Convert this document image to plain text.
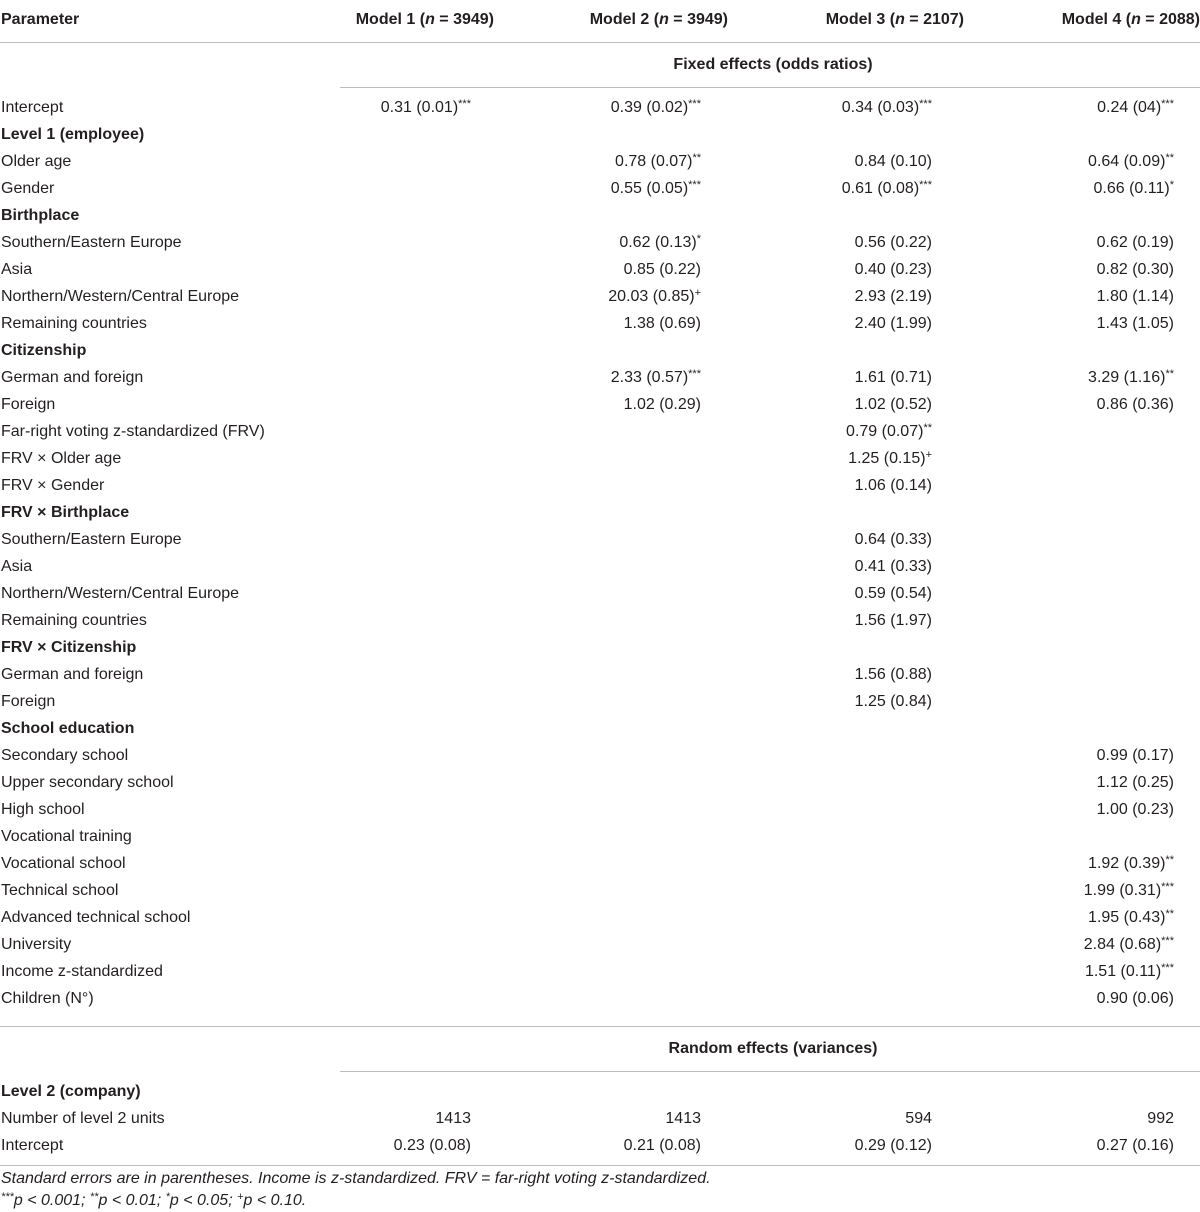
Parameter	Model 1 (n = 3949)	Model 2 (n = 3949)	Model 3 (n = 2107)	Model 4 (n = 2088)
	Fixed effects (odds ratios)			

Intercept	0.31 (0.01)***	0.39 (0.02)***	0.34 (0.03)***	0.24 (04)***
Level 1 (employee)				
Older age		0.78 (0.07)**	0.84 (0.10)	0.64 (0.09)**
Gender		0.55 (0.05)***	0.61 (0.08)***	0.66 (0.11)*
Birthplace				
Southern/Eastern Europe		0.62 (0.13)*	0.56 (0.22)	0.62 (0.19)
Asia		0.85 (0.22)	0.40 (0.23)	0.82 (0.30)
Northern/Western/Central Europe		20.03 (0.85)+	2.93 (2.19)	1.80 (1.14)
Remaining countries		1.38 (0.69)	2.40 (1.99)	1.43 (1.05)
Citizenship				
German and foreign		2.33 (0.57)***	1.61 (0.71)	3.29 (1.16)**
Foreign		1.02 (0.29)	1.02 (0.52)	0.86 (0.36)
Far-right voting z-standardized (FRV)			0.79 (0.07)**	
FRV × Older age			1.25 (0.15)+	
FRV × Gender			1.06 (0.14)	
FRV × Birthplace				
Southern/Eastern Europe			0.64 (0.33)	
Asia			0.41 (0.33)	
Northern/Western/Central Europe			0.59 (0.54)	
Remaining countries			1.56 (1.97)	
FRV × Citizenship				
German and foreign			1.56 (0.88)	
Foreign			1.25 (0.84)	
School education				
Secondary school				0.99 (0.17)
Upper secondary school				1.12 (0.25)
High school				1.00 (0.23)
Vocational training				
Vocational school				1.92 (0.39)**
Technical school				1.99 (0.31)***
Advanced technical school				1.95 (0.43)**
University				2.84 (0.68)***
Income z-standardized				1.51 (0.11)***
Children (N°)				0.90 (0.06)

	Random effects (variances)			

Level 2 (company)				
Number of level 2 units	1413	1413	594	992
Intercept	0.23 (0.08)	0.21 (0.08)	0.29 (0.12)	0.27 (0.16)

Standard errors are in parentheses. Income is z-standardized. FRV = far-right voting z-standardized.
***p < 0.001; **p < 0.01; *p < 0.05; +p < 0.10.
